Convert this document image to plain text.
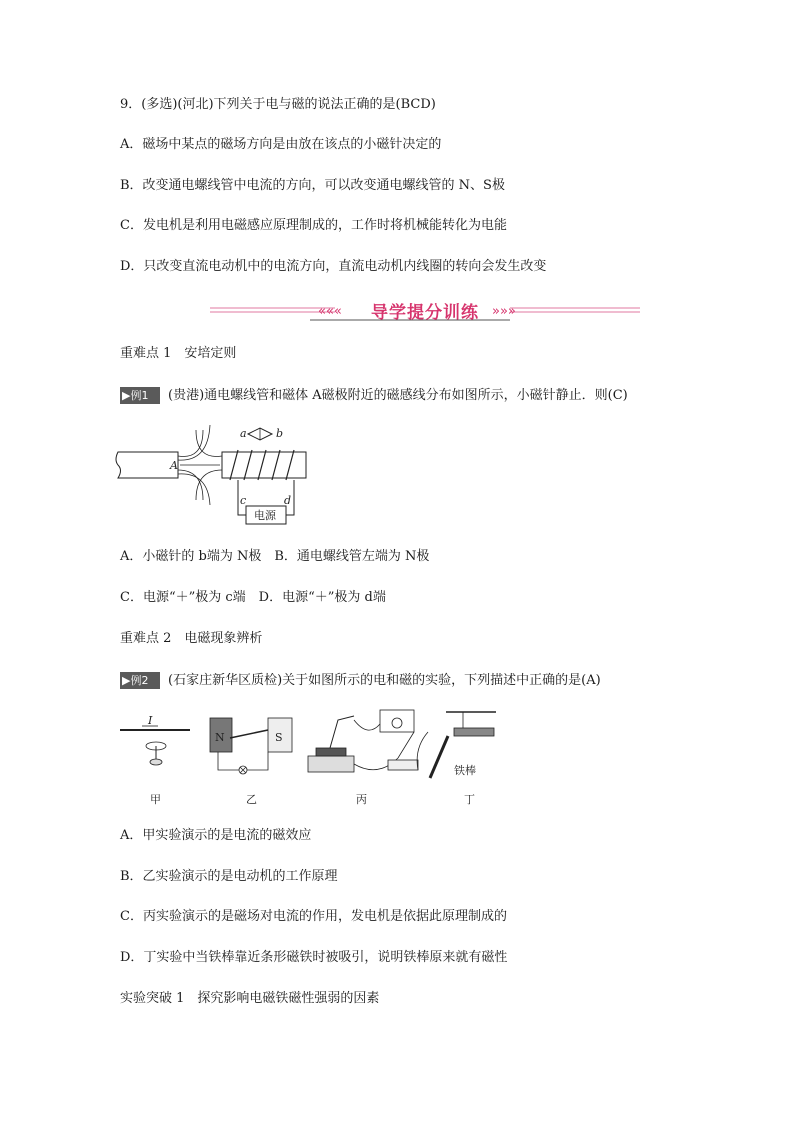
9．(多选)(河北)下列关于电与磁的说法正确的是(BCD)
A．磁场中某点的磁场方向是由放在该点的小磁针决定的
B．改变通电螺线管中电流的方向，可以改变通电螺线管的 N、S极
C．发电机是利用电磁感应原理制成的，工作时将机械能转化为电能
D．只改变直流电动机中的电流方向，直流电动机内线圈的转向会发生改变
«««	»»»
导学提分训练
重难点 1　安培定则
▶例1 (贵港)通电螺线管和磁体 A磁极附近的磁感线分布如图所示，小磁针静止．则(C)
A
a	b
电源
c	d
A．小磁针的 b端为 N极　B．通电螺线管左端为 N极
C．电源“＋”极为 c端　D．电源“＋”极为 d端
重难点 2　电磁现象辨析
▶例2 (石家庄新华区质检)关于如图所示的电和磁的实验，下列描述中正确的是(A)
I
N	S
铁棒
甲	乙	丙	丁
A．甲实验演示的是电流的磁效应
B．乙实验演示的是电动机的工作原理
C．丙实验演示的是磁场对电流的作用，发电机是依据此原理制成的
D．丁实验中当铁棒靠近条形磁铁时被吸引，说明铁棒原来就有磁性
实验突破 1　探究影响电磁铁磁性强弱的因素
